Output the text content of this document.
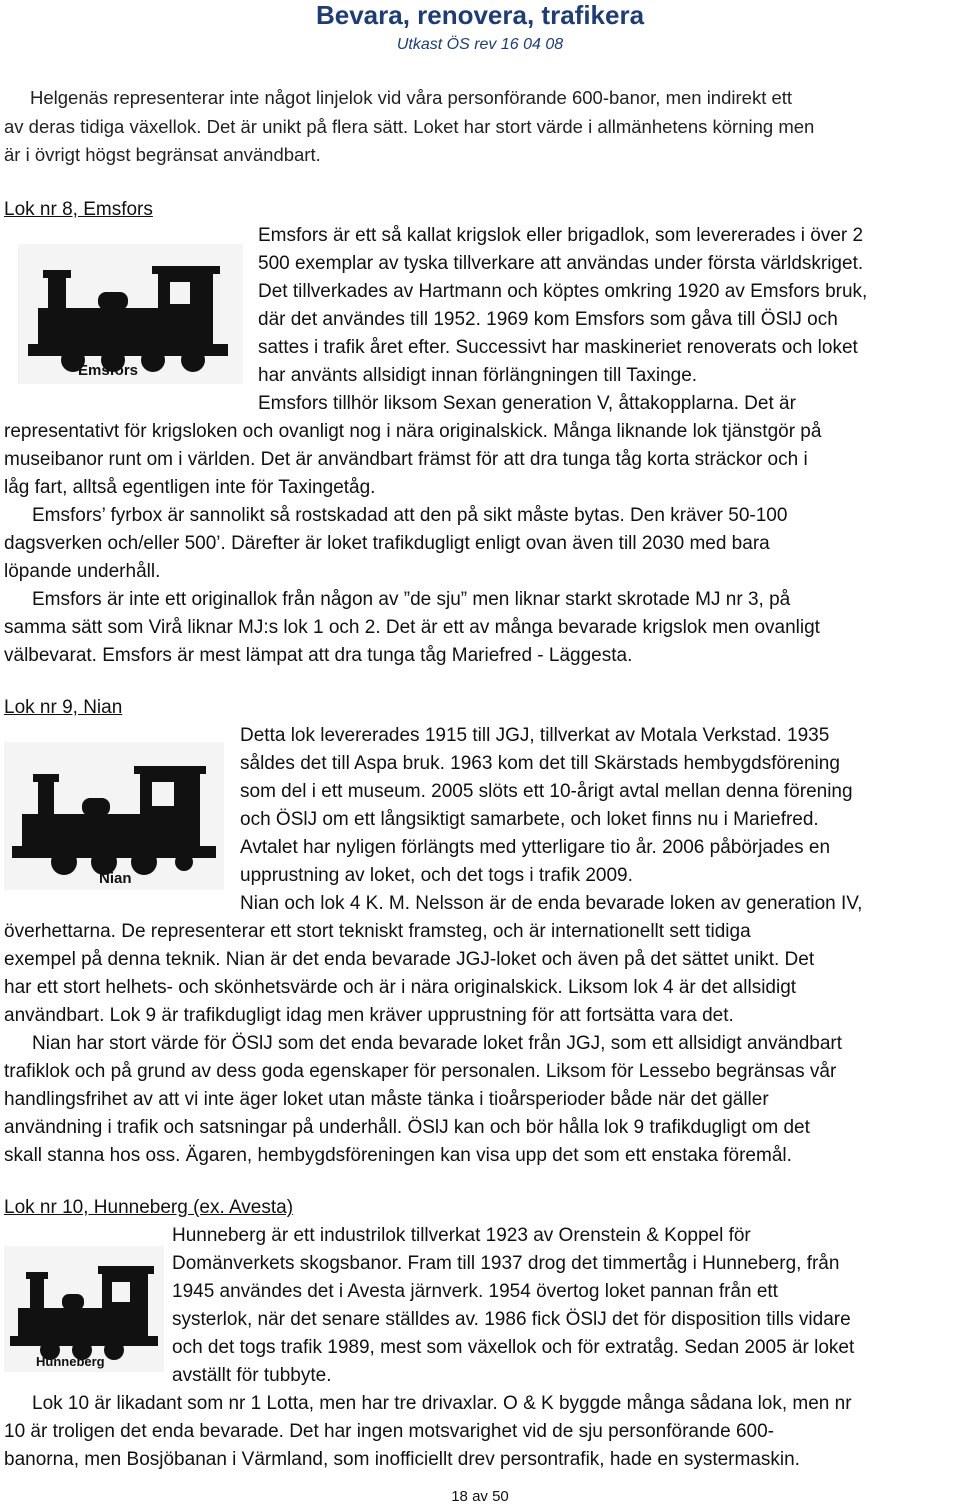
Bevara, renovera, trafikera
Utkast ÖS rev 16 04 08
Helgenäs representerar inte något linjelok vid våra personförande 600-banor, men indirekt ett
av deras tidiga växellok. Det är unikt på flera sätt. Loket har stort värde i allmänhetens körning men
är i övrigt högst begränsat användbart.
Lok nr 8, Emsfors
Emsfors
Emsfors är ett så kallat krigslok eller brigadlok, som levererades i över 2
500 exemplar av tyska tillverkare att användas under första världskriget.
Det tillverkades av Hartmann och köptes omkring 1920 av Emsfors bruk,
där det användes till 1952. 1969 kom Emsfors som gåva till ÖSlJ och
sattes i trafik året efter. Successivt har maskineriet renoverats och loket
har använts allsidigt innan förlängningen till Taxinge.
Emsfors tillhör liksom Sexan generation V, åttakopplarna. Det är
representativt för krigsloken och ovanligt nog i nära originalskick. Många liknande lok tjänstgör på
museibanor runt om i världen. Det är användbart främst för att dra tunga tåg korta sträckor och i
låg fart, alltså egentligen inte för Taxingetåg.
Emsfors’ fyrbox är sannolikt så rostskadad att den på sikt måste bytas. Den kräver 50-100
dagsverken och/eller 500’. Därefter är loket trafikdugligt enligt ovan även till 2030 med bara
löpande underhåll.
Emsfors är inte ett originallok från någon av ”de sju” men liknar starkt skrotade MJ nr 3, på
samma sätt som Virå liknar MJ:s lok 1 och 2. Det är ett av många bevarade krigslok men ovanligt
välbevarat. Emsfors är mest lämpat att dra tunga tåg Mariefred - Läggesta.
Lok nr 9, Nian
Nian
Detta lok levererades 1915 till JGJ, tillverkat av Motala Verkstad. 1935
såldes det till Aspa bruk. 1963 kom det till Skärstads hembygdsförening
som del i ett museum. 2005 slöts ett 10-årigt avtal mellan denna förening
och ÖSlJ om ett långsiktigt samarbete, och loket finns nu i Mariefred.
Avtalet har nyligen förlängts med ytterligare tio år. 2006 påbörjades en
upprustning av loket, och det togs i trafik 2009.
Nian och lok 4 K. M. Nelsson är de enda bevarade loken av generation IV,
överhettarna. De representerar ett stort tekniskt framsteg, och är internationellt sett tidiga
exempel på denna teknik. Nian är det enda bevarade JGJ-loket och även på det sättet unikt. Det
har ett stort helhets- och skönhetsvärde och är i nära originalskick. Liksom lok 4 är det allsidigt
användbart. Lok 9 är trafikdugligt idag men kräver upprustning för att fortsätta vara det.
Nian har stort värde för ÖSlJ som det enda bevarade loket från JGJ, som ett allsidigt användbart
trafiklok och på grund av dess goda egenskaper för personalen. Liksom för Lessebo begränsas vår
handlingsfrihet av att vi inte äger loket utan måste tänka i tioårsperioder både när det gäller
användning i trafik och satsningar på underhåll. ÖSlJ kan och bör hålla lok 9 trafikdugligt om det
skall stanna hos oss. Ägaren, hembygdsföreningen kan visa upp det som ett enstaka föremål.
Lok nr 10, Hunneberg (ex. Avesta)
Hunneberg
Hunneberg är ett industrilok tillverkat 1923 av Orenstein & Koppel för
Domänverkets skogsbanor. Fram till 1937 drog det timmertåg i Hunneberg, från
1945 användes det i Avesta järnverk. 1954 övertog loket pannan från ett
systerlok, när det senare ställdes av. 1986 fick ÖSlJ det för disposition tills vidare
och det togs trafik 1989, mest som växellok och för extratåg. Sedan 2005 är loket
avställt för tubbyte.
Lok 10 är likadant som nr 1 Lotta, men har tre drivaxlar. O & K byggde många sådana lok, men nr
10 är troligen det enda bevarade. Det har ingen motsvarighet vid de sju personförande 600-
banorna, men Bosjöbanan i Värmland, som inofficiellt drev persontrafik, hade en systermaskin.
18 av 50
